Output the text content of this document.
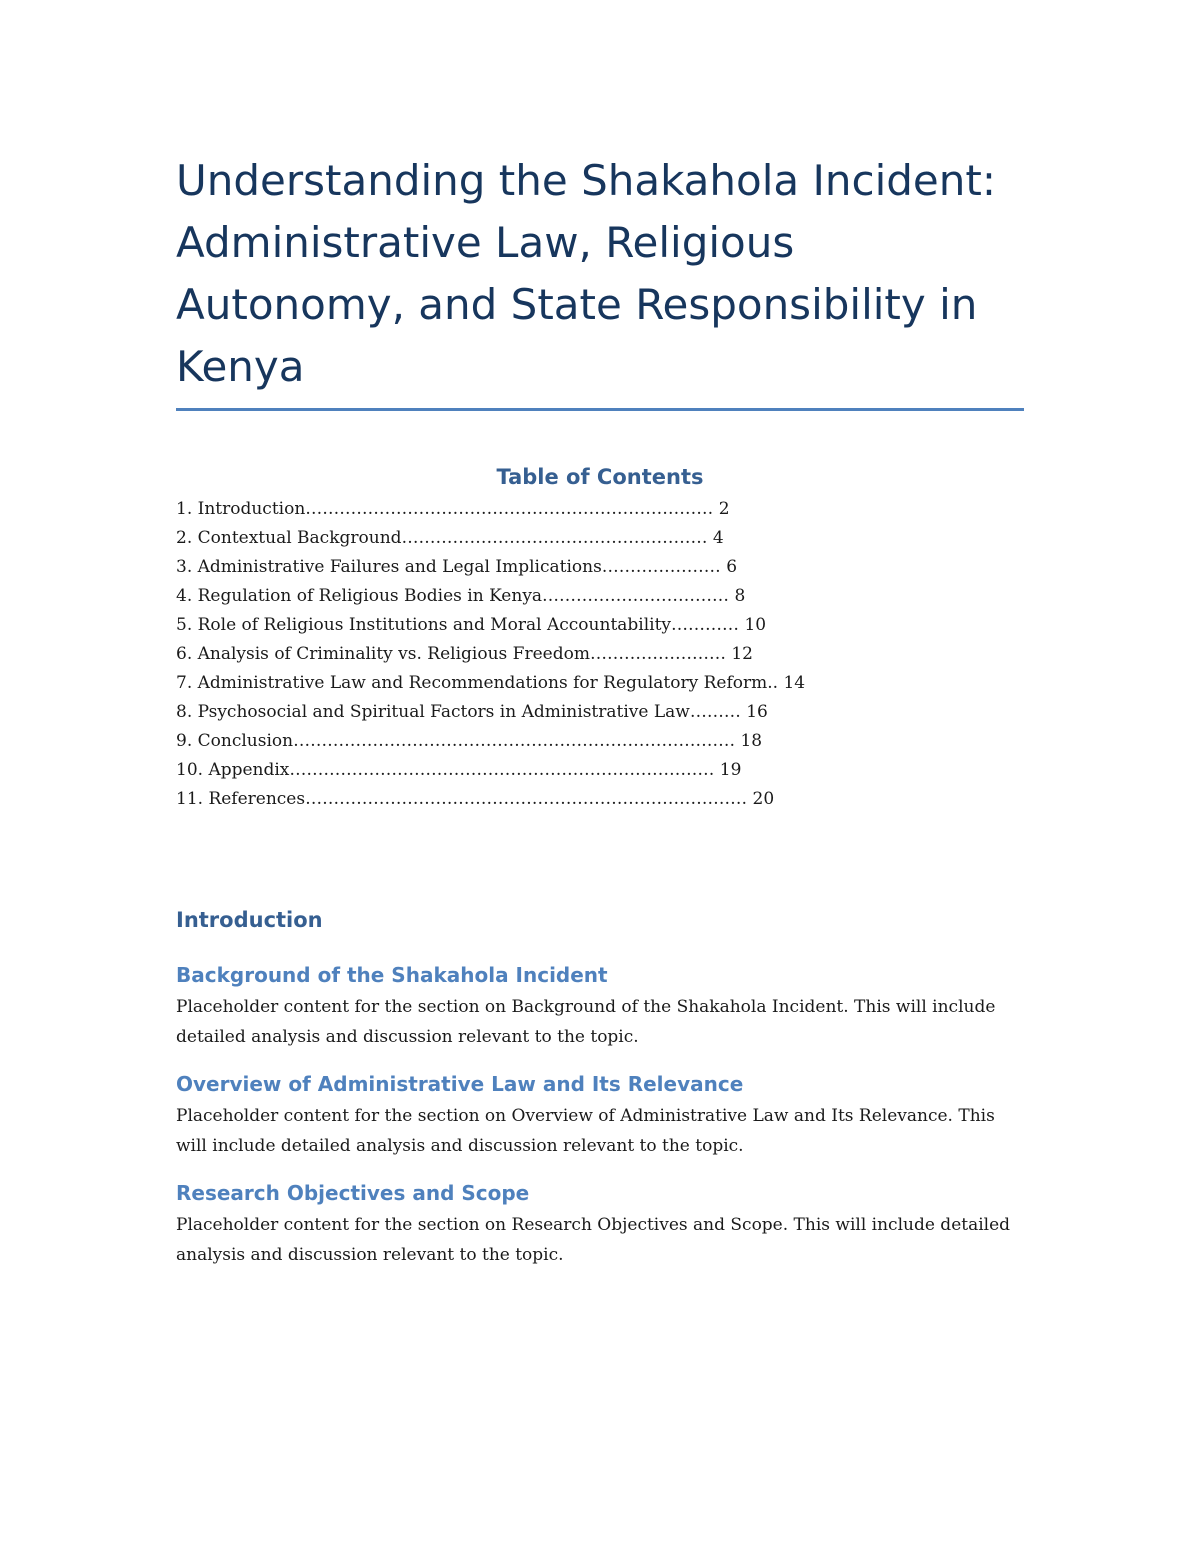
Understanding the Shakahola Incident: Administrative Law, Religious Autonomy, and State Responsibility in Kenya
Table of Contents
1. Introduction……………………………………………………………… 2
2. Contextual Background……………………………………………… 4
3. Administrative Failures and Legal Implications………………… 6
4. Regulation of Religious Bodies in Kenya…………………………… 8
5. Role of Religious Institutions and Moral Accountability………… 10
6. Analysis of Criminality vs. Religious Freedom…………………… 12
7. Administrative Law and Recommendations for Regulatory Reform.. 14
8. Psychosocial and Spiritual Factors in Administrative Law……… 16
9. Conclusion…………………………………………………………………… 18
10. Appendix………………………………………………………………… 19
11. References…………………………………………………………………… 20
Introduction
Background of the Shakahola Incident
Placeholder content for the section on Background of the Shakahola Incident. This will include detailed analysis and discussion relevant to the topic.
Overview of Administrative Law and Its Relevance
Placeholder content for the section on Overview of Administrative Law and Its Relevance. This will include detailed analysis and discussion relevant to the topic.
Research Objectives and Scope
Placeholder content for the section on Research Objectives and Scope. This will include detailed analysis and discussion relevant to the topic.
